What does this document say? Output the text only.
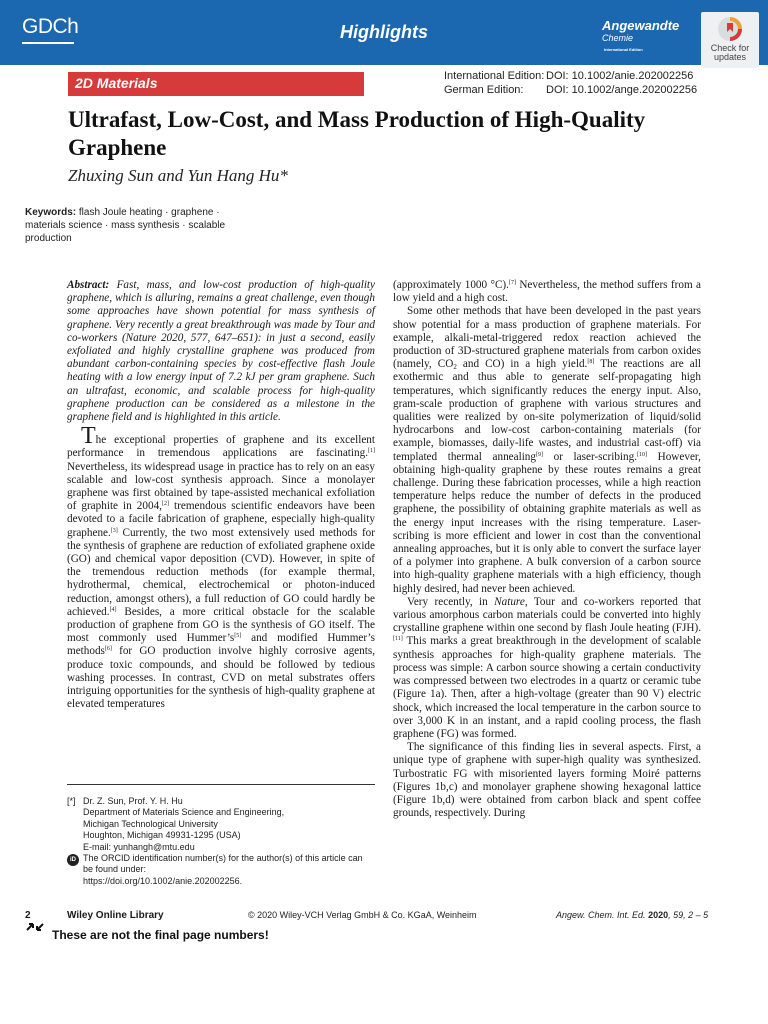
GDCh	Highlights	Angewandte
Chemie
International Edition	Check for updates
2D Materials	International Edition: DOI: 10.1002/anie.202002256
German Edition: DOI: 10.1002/ange.202002256
Ultrafast, Low-Cost, and Mass Production of High-Quality Graphene
Zhuxing Sun and Yun Hang Hu*
Keywords: flash Joule heating · graphene · materials science · mass synthesis · scalable production

Abstract: Fast, mass, and low-cost production of high-quality graphene, which is alluring, remains a great challenge, even though some approaches have shown potential for mass synthesis of graphene. Very recently a great breakthrough was made by Tour and co-workers (Nature 2020, 577, 647–651): in just a second, easily exfoliated and highly crystalline graphene was produced from abundant carbon-containing species by cost-effective flash Joule heating with a low energy input of 7.2 kJ per gram graphene. Such an ultrafast, economic, and scalable process for high-quality graphene production can be considered as a milestone in the graphene field and is highlighted in this article.

The exceptional properties of graphene and its excellent performance in tremendous applications are fascinating.[1] Nevertheless, its widespread usage in practice has to rely on an easy scalable and low-cost synthesis approach. Since a monolayer graphene was first obtained by tape-assisted mechanical exfoliation of graphite in 2004,[2] tremendous scientific endeavors have been devoted to a facile fabrication of graphene, especially high-quality graphene.[3] Currently, the two most extensively used methods for the synthesis of graphene are reduction of exfoliated graphene oxide (GO) and chemical vapor deposition (CVD). However, in spite of the tremendous reduction methods (for example thermal, hydrothermal, chemical, electrochemical or photon-induced reduction, amongst others), a full reduction of GO could hardly be achieved.[4] Besides, a more critical obstacle for the scalable production of graphene from GO is the synthesis of GO itself. The most commonly used Hummer’s[5] and modified Hummer’s methods[6] for GO production involve highly corrosive agents, produce toxic compounds, and should be followed by tedious washing processes. In contrast, CVD on metal substrates offers intriguing opportunities for the synthesis of high-quality graphene at elevated temperatures

(approximately 1000 °C).[7] Nevertheless, the method suffers from a low yield and a high cost.

Some other methods that have been developed in the past years show potential for a mass production of graphene materials. For example, alkali-metal-triggered redox reaction achieved the production of 3D-structured graphene materials from carbon oxides (namely, $CO_2$ and CO) in a high yield.[8] The reactions are all exothermic and thus able to generate self-propagating high temperatures, which significantly reduces the energy input. Also, gram-scale production of graphene with various structures and qualities were realized by on-site polymerization of liquid/solid hydrocarbons and low-cost carbon-containing materials (for example, biomasses, daily-life wastes, and industrial cast-off) via templated thermal annealing[9] or laser-scribing.[10] However, obtaining high-quality graphene by these routes remains a great challenge. During these fabrication processes, while a high reaction temperature helps reduce the number of defects in the produced graphene, the possibility of obtaining graphite materials as well as the energy input increases with the rising temperature. Laser-scribing is more efficient and lower in cost than the conventional annealing approaches, but it is only able to convert the surface layer of a polymer into graphene. A bulk conversion of a carbon source into high-quality graphene materials with a high efficiency, though highly desired, had never been achieved.

Very recently, in Nature, Tour and co-workers reported that various amorphous carbon materials could be converted into highly crystalline graphene within one second by flash Joule heating (FJH).[11] This marks a great breakthrough in the development of scalable synthesis approaches for high-quality graphene materials. The process was simple: A carbon source showing a certain conductivity was compressed between two electrodes in a quartz or ceramic tube (Figure 1a). Then, after a high-voltage (greater than 90 V) electric shock, which increased the local temperature in the carbon source to over 3,000 K in an instant, and a rapid cooling process, the flash graphene (FG) was formed.

The significance of this finding lies in several aspects. First, a unique type of graphene with super-high quality was synthesized. Turbostratic FG with misoriented layers forming Moiré patterns (Figures 1b,c) and monolayer graphene showing hexagonal lattice (Figure 1b,d) were obtained from carbon black and spent coffee grounds, respectively. During

[*] Dr. Z. Sun, Prof. Y. H. Hu
Department of Materials Science and Engineering,
Michigan Technological University
Houghton, Michigan 49931-1295 (USA)
E-mail: yunhangh@mtu.edu
The ORCID identification number(s) for the author(s) of this article can be found under:
https://doi.org/10.1002/anie.202002256.
iD
2	Wiley Online Library	© 2020 Wiley-VCH Verlag GmbH & Co. KGaA, Weinheim	Angew. Chem. Int. Ed. 2020, 59, 2 – 5
These are not the final page numbers!
